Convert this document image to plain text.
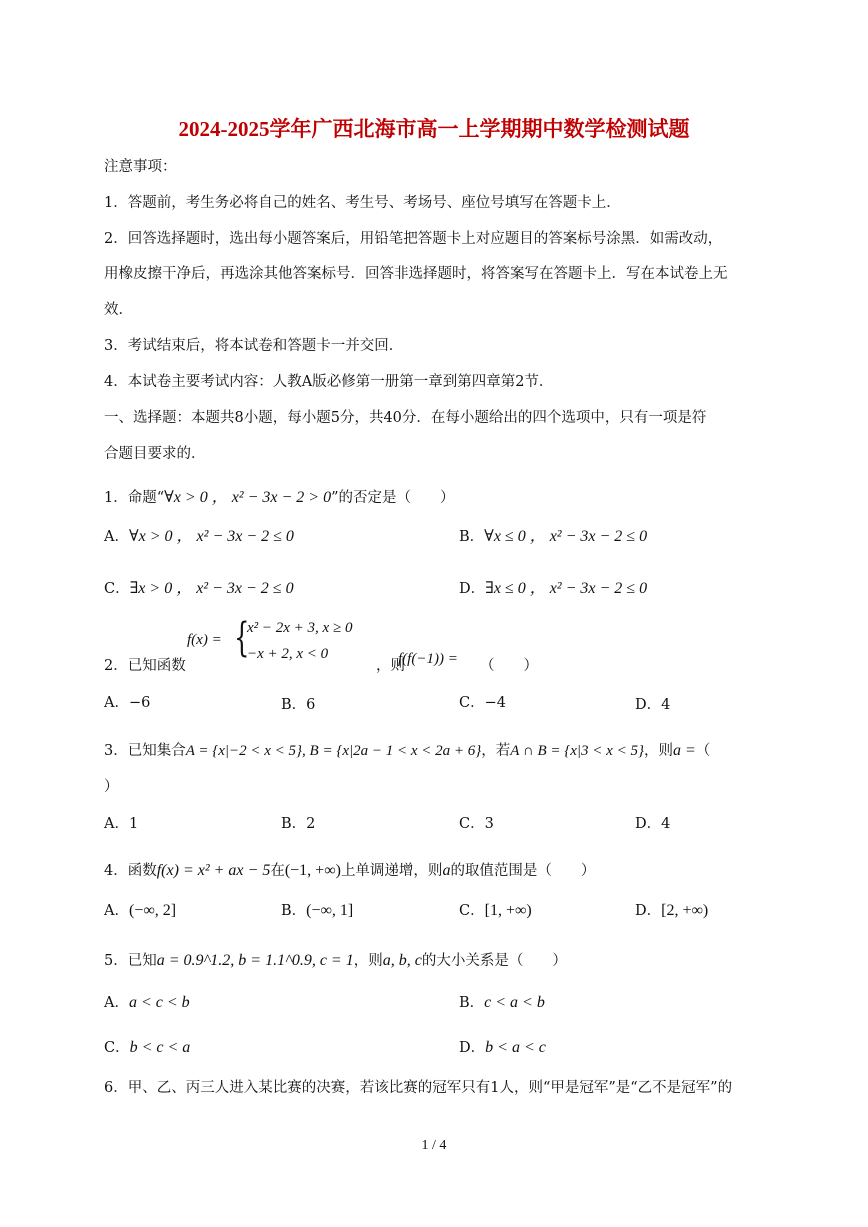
2024-2025学年广西北海市高一上学期期中数学检测试题
注意事项：
1．答题前，考生务必将自己的姓名、考生号、考场号、座位号填写在答题卡上．
2．回答选择题时，选出每小题答案后，用铅笔把答题卡上对应题目的答案标号涂黑．如需改动，
用橡皮擦干净后，再选涂其他答案标号．回答非选择题时，将答案写在答题卡上．写在本试卷上无
效．
3．考试结束后，将本试卷和答题卡一并交回．
4．本试卷主要考试内容：人教A版必修第一册第一章到第四章第2节．
一、选择题：本题共8小题，每小题5分，共40分．在每小题给出的四个选项中，只有一项是符
合题目要求的．
1．命题“∀x > 0 ， x² − 3x − 2 > 0”的否定是（　　）
A．∀x > 0 ， x² − 3x − 2 ≤ 0	B．∀x ≤ 0 ， x² − 3x − 2 ≤ 0
C．∃x > 0 ， x² − 3x − 2 ≤ 0	D．∃x ≤ 0 ， x² − 3x − 2 ≤ 0
2．已知函数
f(x) = {
x² − 2x + 3, x ≥ 0
−x + 2, x < 0
，则
f(f(−1)) = （　　）
A．−6	B．6	C．−4	D．4
3．已知集合A = {x|−2 < x < 5}, B = {x|2a − 1 < x < 2a + 6}，若A ∩ B = {x|3 < x < 5}，则a =（
）
A．1	B．2	C．3	D．4
4．函数f(x) = x² + ax − 5在(−1, +∞)上单调递增，则a的取值范围是（　　）
A．(−∞, 2]	B．(−∞, 1]	C．[1, +∞)	D．[2, +∞)
5．已知a = 0.9^1.2, b = 1.1^0.9, c = 1，则a, b, c的大小关系是（　　）
A．a < c < b	B．c < a < b
C．b < c < a	D．b < a < c
6．甲、乙、丙三人进入某比赛的决赛，若该比赛的冠军只有1人，则“甲是冠军”是“乙不是冠军”的
1 / 4
